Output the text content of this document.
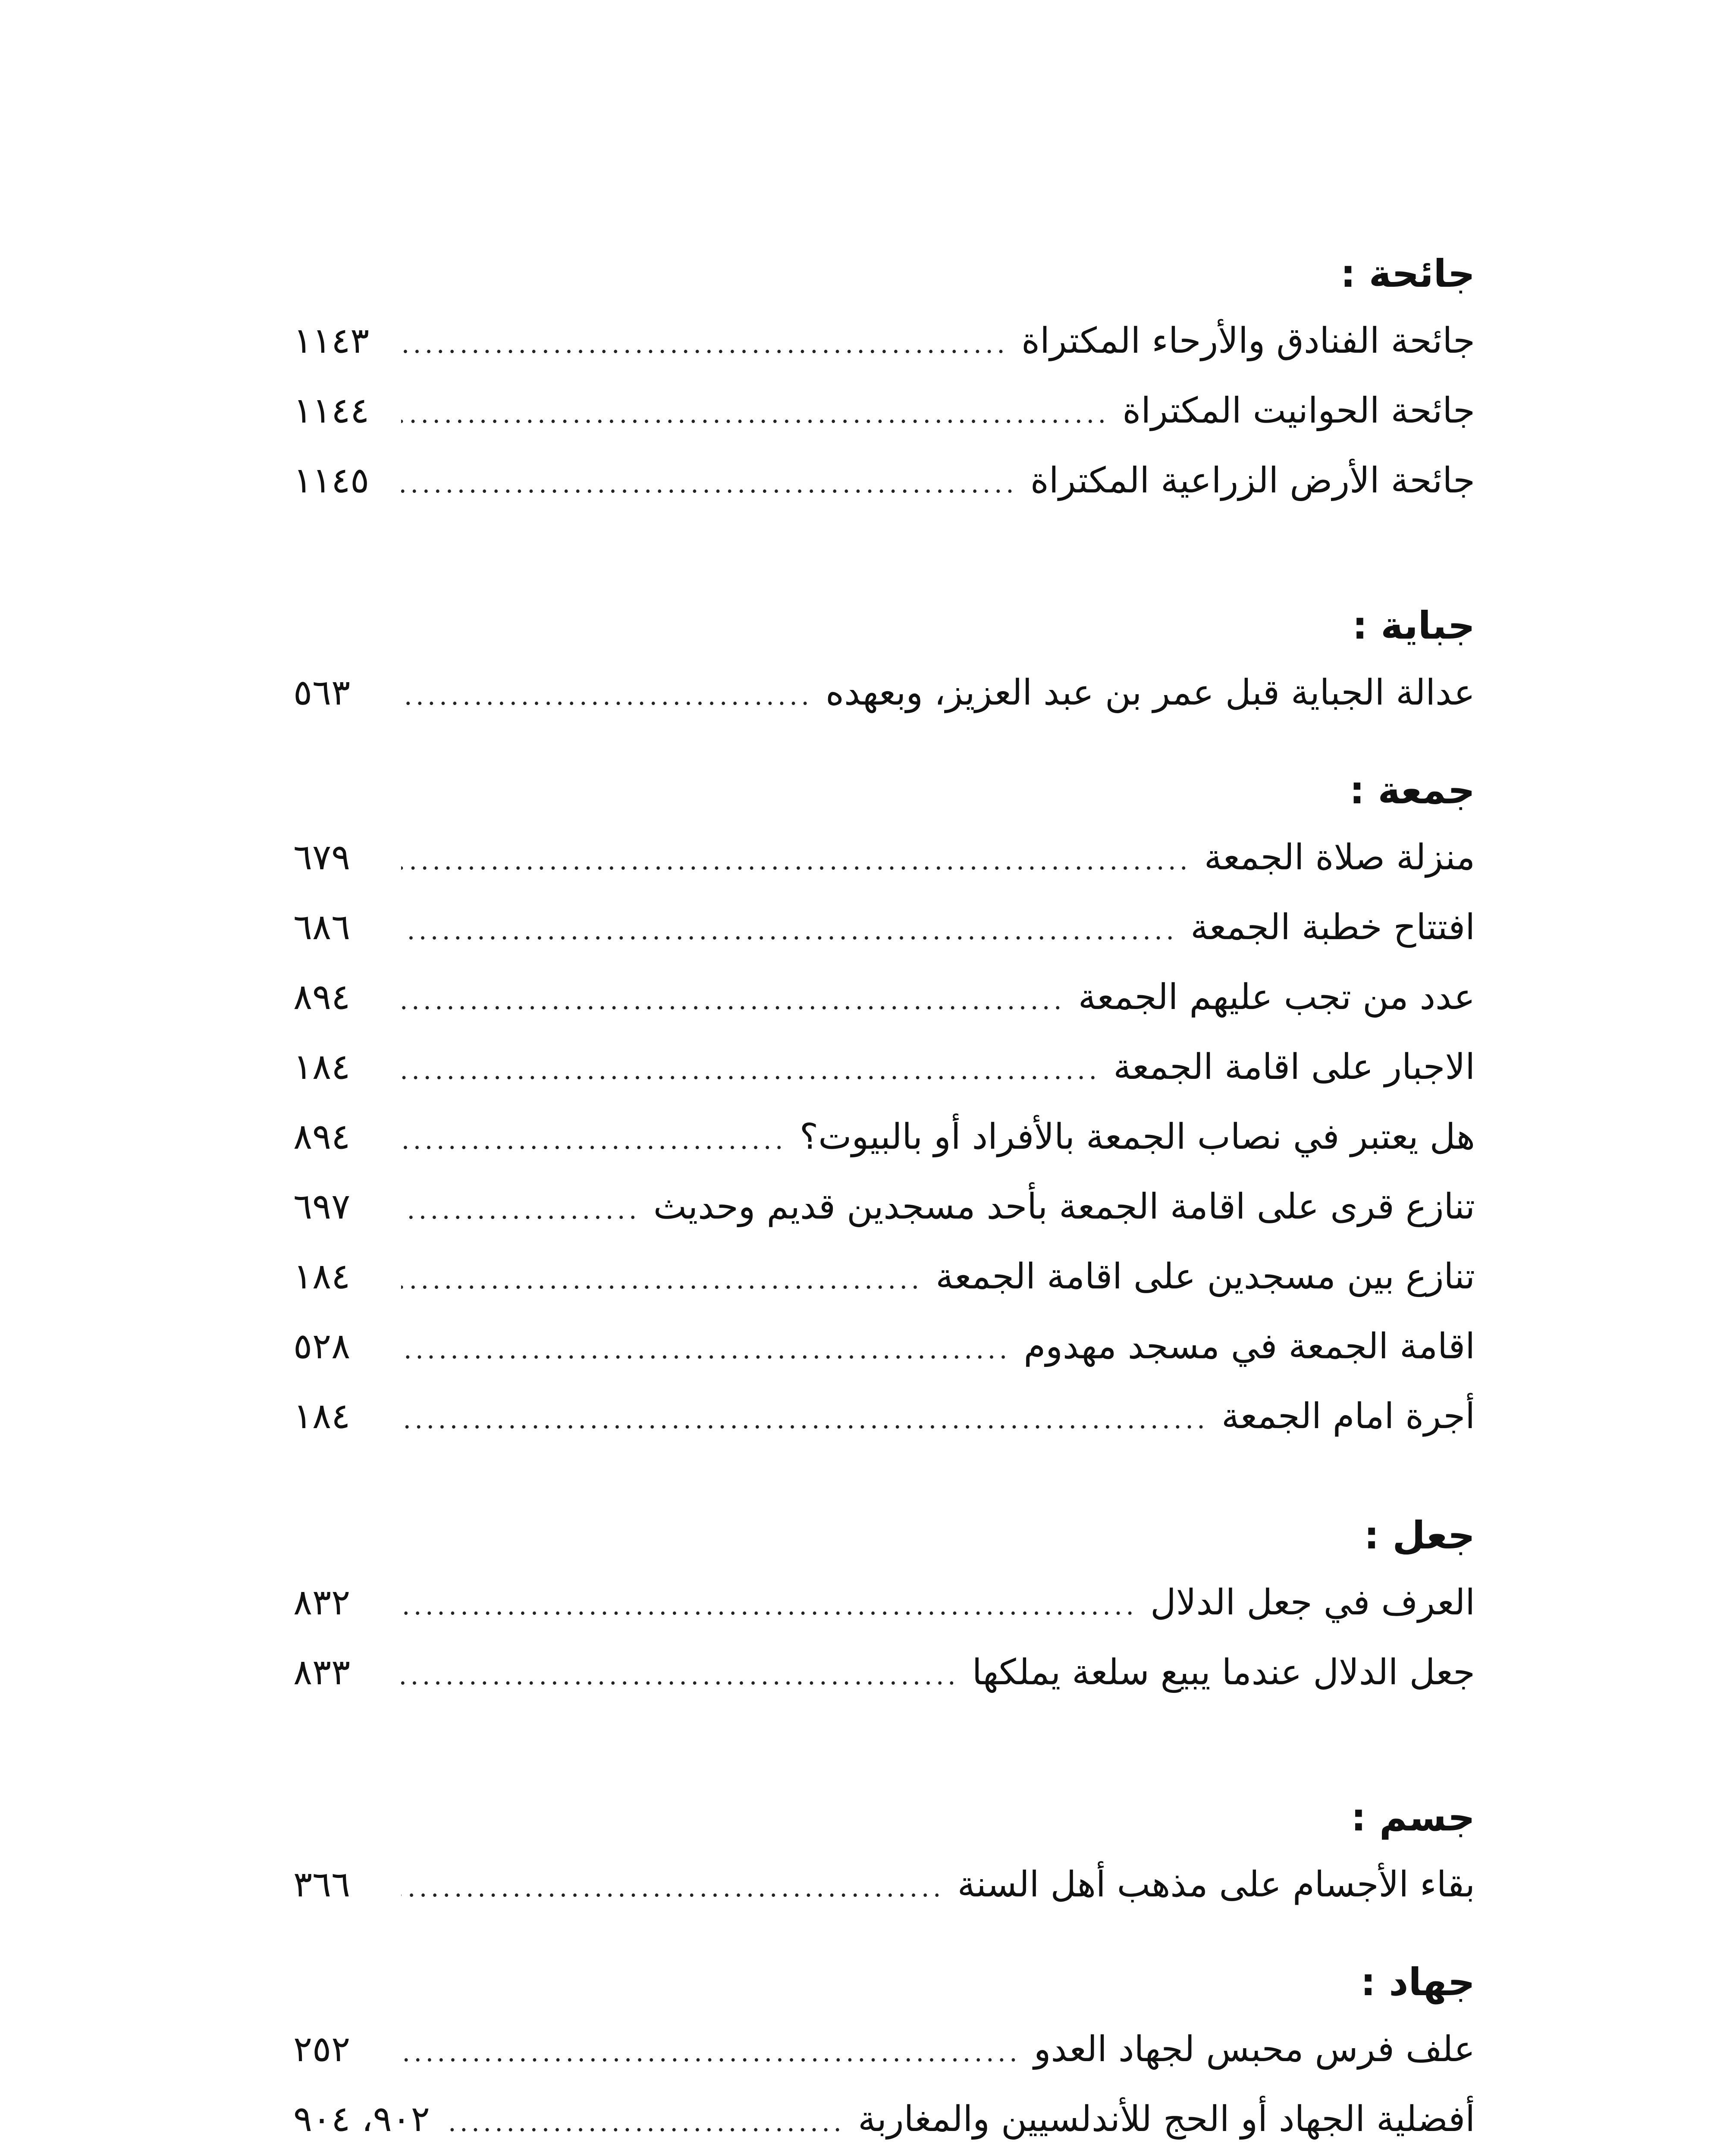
جائحة :
جائحة الفنادق والأرحاء المكتراة
.....
١١٤٣
جائحة الحوانيت المكتراة
.....
١١٤٤
جائحة الأرض الزراعية المكتراة
.....
١١٤٥
جباية :
عدالة الجباية قبل عمر بن عبد العزيز، وبعهده
.....
٥٦٣
جمعة :
منزلة صلاة الجمعة
.....
٦٧٩
افتتاح خطبة الجمعة
.....
٦٨٦
عدد من تجب عليهم الجمعة
.....
٨٩٤
الاجبار على اقامة الجمعة
.....
١٨٤
هل يعتبر في نصاب الجمعة بالأفراد أو بالبيوت؟
.....
٨٩٤
تنازع قرى على اقامة الجمعة بأحد مسجدين قديم وحديث
.....
٦٩٧
تنازع بين مسجدين على اقامة الجمعة
.....
١٨٤
اقامة الجمعة في مسجد مهدوم
.....
٥٢٨
أجرة امام الجمعة
.....
١٨٤
جعل :
العرف في جعل الدلال
.....
٨٣٢
جعل الدلال عندما يبيع سلعة يملكها
.....
٨٣٣
جسم :
بقاء الأجسام على مذهب أهل السنة
.....
٣٦٦
جهاد :
علف فرس محبس لجهاد العدو
.....
٢٥٢
أفضلية الجهاد أو الحج للأندلسيين والمغاربة
.....
٩٠٢، ٩٠٤
